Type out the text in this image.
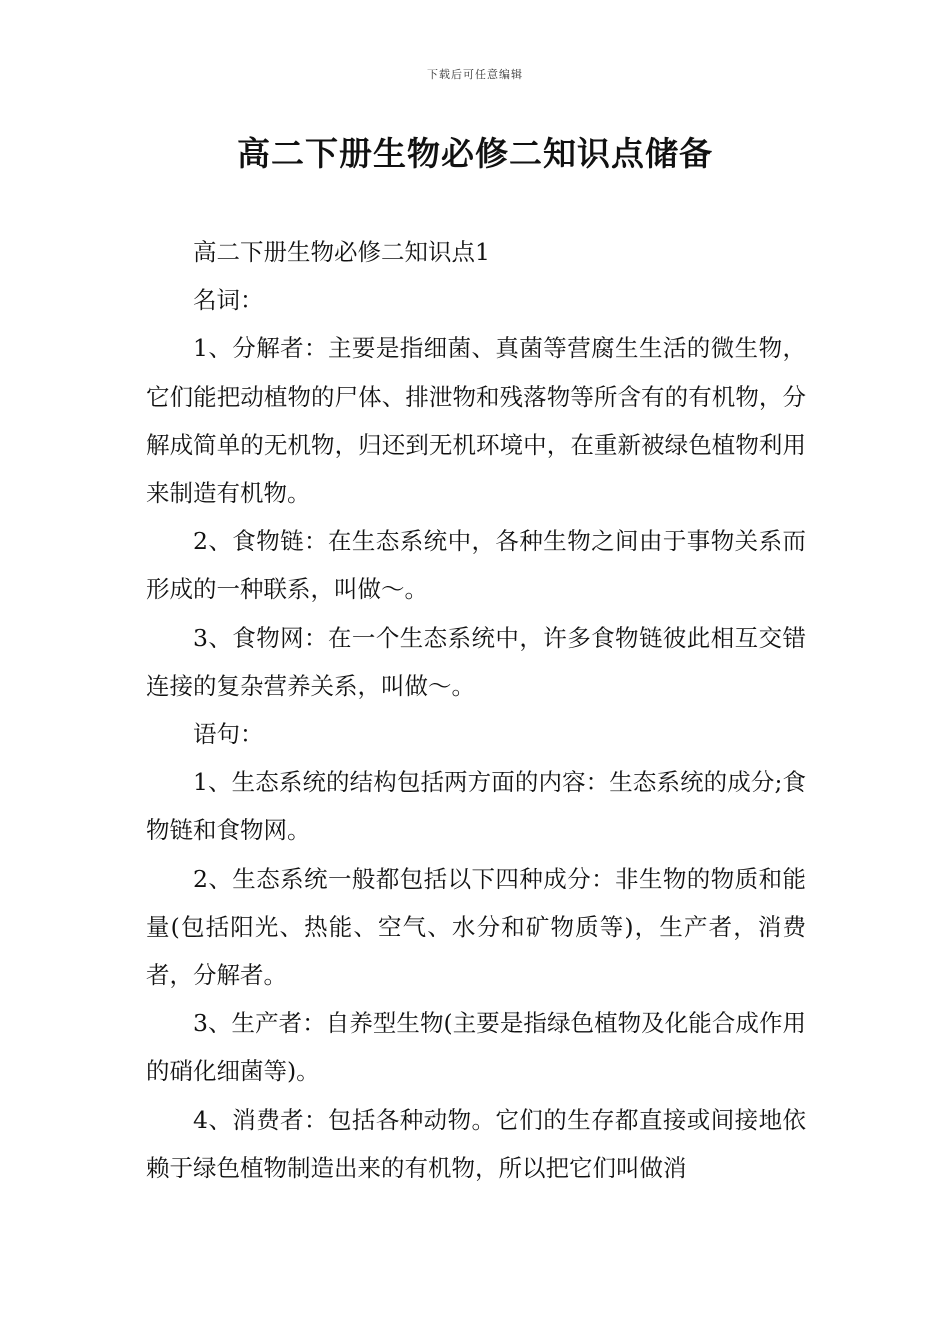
下载后可任意编辑
高二下册生物必修二知识点储备

高二下册生物必修二知识点1

名词：

1、分解者：主要是指细菌、真菌等营腐生生活的微生物，它们能把动植物的尸体、排泄物和残落物等所含有的有机物，分解成简单的无机物，归还到无机环境中，在重新被绿色植物利用来制造有机物。

2、食物链：在生态系统中，各种生物之间由于事物关系而形成的一种联系，叫做～。

3、食物网：在一个生态系统中，许多食物链彼此相互交错连接的复杂营养关系，叫做～。

语句：

1、生态系统的结构包括两方面的内容：生态系统的成分;食物链和食物网。

2、生态系统一般都包括以下四种成分：非生物的物质和能量(包括阳光、热能、空气、水分和矿物质等)，生产者，消费者，分解者。

3、生产者：自养型生物(主要是指绿色植物及化能合成作用的硝化细菌等)。

4、消费者：包括各种动物。它们的生存都直接或间接地依赖于绿色植物制造出来的有机物，所以把它们叫做消
